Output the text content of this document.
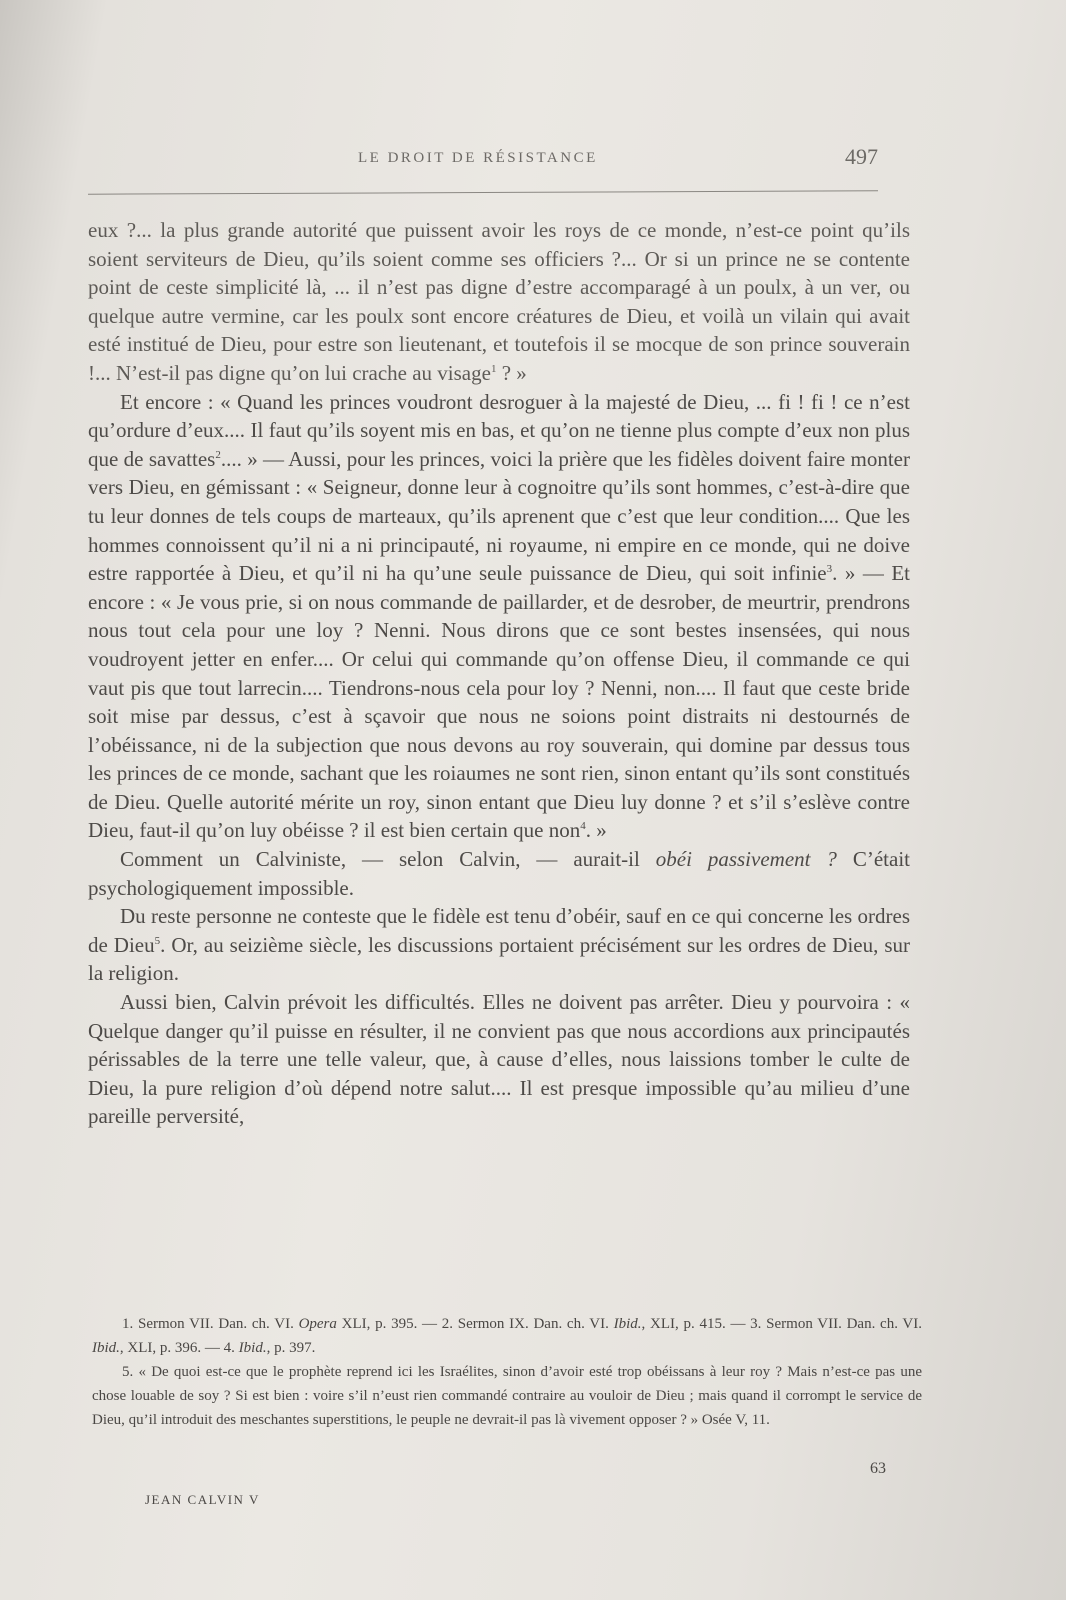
LE DROIT DE RÉSISTANCE	497

eux ?... la plus grande autorité que puissent avoir les roys de ce monde, n’est-ce point qu’ils soient serviteurs de Dieu, qu’ils soient comme ses officiers ?... Or si un prince ne se contente point de ceste simplicité là, ... il n’est pas digne d’estre accomparagé à un poulx, à un ver, ou quelque autre vermine, car les poulx sont encore créatures de Dieu, et voilà un vilain qui avait esté institué de Dieu, pour estre son lieutenant, et toutefois il se mocque de son prince souverain !... N’est-il pas digne qu’on lui crache au visage$^1$ ? »

Et encore : « Quand les princes voudront desroguer à la majesté de Dieu, ... fi ! fi ! ce n’est qu’ordure d’eux.... Il faut qu’ils soyent mis en bas, et qu’on ne tienne plus compte d’eux non plus que de savattes$^2$.... » — Aussi, pour les princes, voici la prière que les fidèles doivent faire monter vers Dieu, en gémissant : « Seigneur, donne leur à cognoitre qu’ils sont hommes, c’est-à-dire que tu leur donnes de tels coups de marteaux, qu’ils aprenent que c’est que leur condition.... Que les hommes connoissent qu’il ni a ni principauté, ni royaume, ni empire en ce monde, qui ne doive estre rapportée à Dieu, et qu’il ni ha qu’une seule puissance de Dieu, qui soit infinie$^3$. » — Et encore : « Je vous prie, si on nous commande de paillarder, et de desrober, de meurtrir, prendrons nous tout cela pour une loy ? Nenni. Nous dirons que ce sont bestes insensées, qui nous voudroyent jetter en enfer.... Or celui qui commande qu’on offense Dieu, il commande ce qui vaut pis que tout larrecin.... Tiendrons-nous cela pour loy ? Nenni, non.... Il faut que ceste bride soit mise par dessus, c’est à sçavoir que nous ne soions point distraits ni destournés de l’obéissance, ni de la subjection que nous devons au roy souverain, qui domine par dessus tous les princes de ce monde, sachant que les roiaumes ne sont rien, sinon entant qu’ils sont constitués de Dieu. Quelle autorité mérite un roy, sinon entant que Dieu luy donne ? et s’il s’eslève contre Dieu, faut-il qu’on luy obéisse ? il est bien certain que non$^4$. »

Comment un Calviniste, — selon Calvin, — aurait-il obéi passivement ? C’était psychologiquement impossible.

Du reste personne ne conteste que le fidèle est tenu d’obéir, sauf en ce qui concerne les ordres de Dieu$^5$. Or, au seizième siècle, les discussions portaient précisément sur les ordres de Dieu, sur la religion.

Aussi bien, Calvin prévoit les difficultés. Elles ne doivent pas arrêter. Dieu y pourvoira : « Quelque danger qu’il puisse en résulter, il ne convient pas que nous accordions aux principautés périssables de la terre une telle valeur, que, à cause d’elles, nous laissions tomber le culte de Dieu, la pure religion d’où dépend notre salut.... Il est presque impossible qu’au milieu d’une pareille perversité,

1. Sermon VII. Dan. ch. VI. Opera XLI, p. 395. — 2. Sermon IX. Dan. ch. VI. Ibid., XLI, p. 415. — 3. Sermon VII. Dan. ch. VI. Ibid., XLI, p. 396. — 4. Ibid., p. 397.

5. « De quoi est-ce que le prophète reprend ici les Israélites, sinon d’avoir esté trop obéissans à leur roy ? Mais n’est-ce pas une chose louable de soy ? Si est bien : voire s’il n’eust rien commandé contraire au vouloir de Dieu ; mais quand il corrompt le service de Dieu, qu’il introduit des meschantes superstitions, le peuple ne devrait-il pas là vivement opposer ? » Osée V, 11.

63
JEAN CALVIN V
